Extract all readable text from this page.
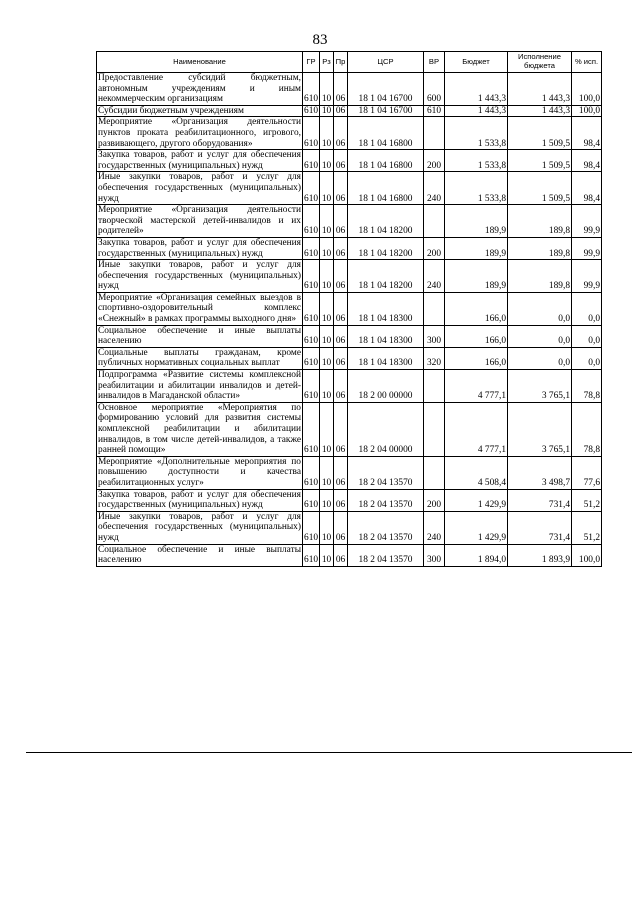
83
Наименование	ГР	Рз	Пр	ЦСР	ВР	Бюджет	Исполнение бюджета	% исп.
Предоставление субсидий бюджетным, автономным учреждениям и иным некоммерческим организациям	610	10	06	18 1 04 16700	600	1 443,3	1 443,3	100,0
Субсидии бюджетным учреждениям	610	10	06	18 1 04 16700	610	1 443,3	1 443,3	100,0
Мероприятие «Организация деятельности пунктов проката реабилитационного, игрового, развивающего, другого оборудования»	610	10	06	18 1 04 16800		1 533,8	1 509,5	98,4
Закупка товаров, работ и услуг для обеспечения государственных (муниципальных) нужд	610	10	06	18 1 04 16800	200	1 533,8	1 509,5	98,4
Иные закупки товаров, работ и услуг для обеспечения государственных (муниципальных) нужд	610	10	06	18 1 04 16800	240	1 533,8	1 509,5	98,4
Мероприятие «Организация деятельности творческой мастерской детей-инвалидов и их родителей»	610	10	06	18 1 04 18200		189,9	189,8	99,9
Закупка товаров, работ и услуг для обеспечения государственных (муниципальных) нужд	610	10	06	18 1 04 18200	200	189,9	189,8	99,9
Иные закупки товаров, работ и услуг для обеспечения государственных (муниципальных) нужд	610	10	06	18 1 04 18200	240	189,9	189,8	99,9
Мероприятие «Организация семейных выездов в спортивно-оздоровительный комплекс «Снежный» в рамках программы выходного дня»	610	10	06	18 1 04 18300		166,0	0,0	0,0
Социальное обеспечение и иные выплаты населению	610	10	06	18 1 04 18300	300	166,0	0,0	0,0
Социальные выплаты гражданам, кроме публичных нормативных социальных выплат	610	10	06	18 1 04 18300	320	166,0	0,0	0,0
Подпрограмма «Развитие системы комплексной реабилитации и абилитации инвалидов и детей-инвалидов в Магаданской области»	610	10	06	18 2 00 00000		4 777,1	3 765,1	78,8
Основное мероприятие «Мероприятия по формированию условий для развития системы комплексной реабилитации и абилитации инвалидов, в том числе детей-инвалидов, а также ранней помощи»	610	10	06	18 2 04 00000		4 777,1	3 765,1	78,8
Мероприятие «Дополнительные мероприятия по повышению доступности и качества реабилитационных услуг»	610	10	06	18 2 04 13570		4 508,4	3 498,7	77,6
Закупка товаров, работ и услуг для обеспечения государственных (муниципальных) нужд	610	10	06	18 2 04 13570	200	1 429,9	731,4	51,2
Иные закупки товаров, работ и услуг для обеспечения государственных (муниципальных) нужд	610	10	06	18 2 04 13570	240	1 429,9	731,4	51,2
Социальное обеспечение и иные выплаты населению	610	10	06	18 2 04 13570	300	1 894,0	1 893,9	100,0
